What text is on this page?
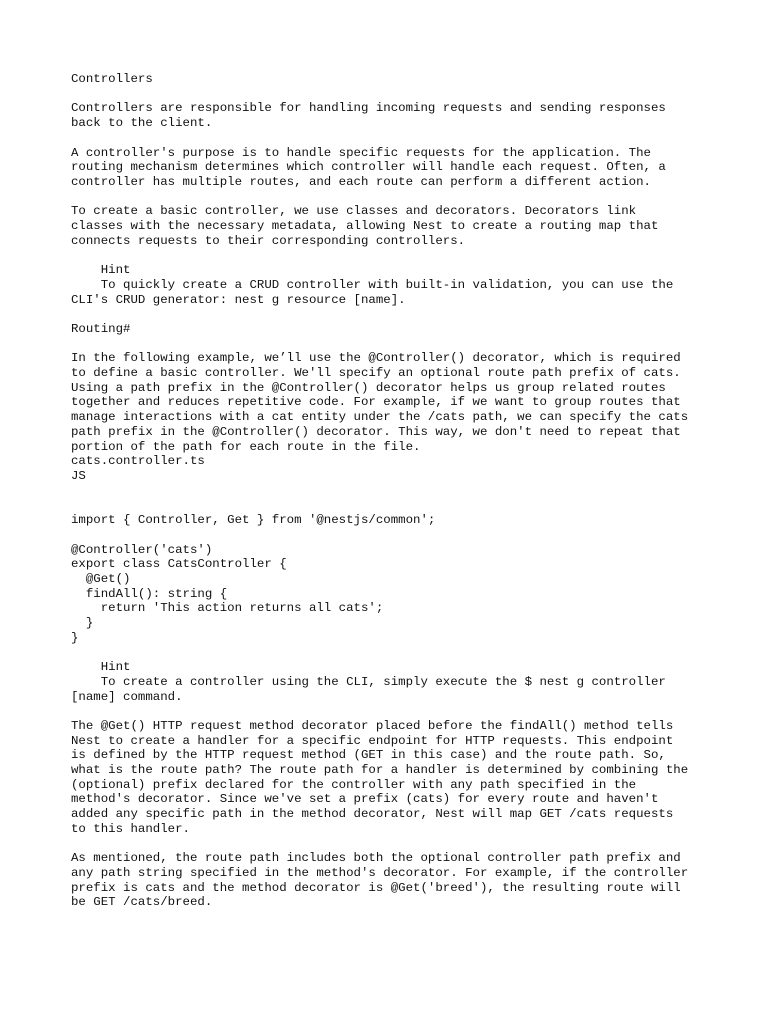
Controllers

Controllers are responsible for handling incoming requests and sending responses
back to the client.

A controller's purpose is to handle specific requests for the application. The
routing mechanism determines which controller will handle each request. Often, a
controller has multiple routes, and each route can perform a different action.

To create a basic controller, we use classes and decorators. Decorators link
classes with the necessary metadata, allowing Nest to create a routing map that
connects requests to their corresponding controllers.

Hint
To quickly create a CRUD controller with built-in validation, you can use the
CLI's CRUD generator: nest g resource [name].

Routing#

In the following example, we’ll use the @Controller() decorator, which is required
to define a basic controller. We'll specify an optional route path prefix of cats.
Using a path prefix in the @Controller() decorator helps us group related routes
together and reduces repetitive code. For example, if we want to group routes that
manage interactions with a cat entity under the /cats path, we can specify the cats
path prefix in the @Controller() decorator. This way, we don't need to repeat that
portion of the path for each route in the file.
cats.controller.ts
JS

import { Controller, Get } from '@nestjs/common';

@Controller('cats')
export class CatsController {
@Get()
findAll(): string {
return 'This action returns all cats';
}
}

Hint
To create a controller using the CLI, simply execute the $ nest g controller
[name] command.

The @Get() HTTP request method decorator placed before the findAll() method tells
Nest to create a handler for a specific endpoint for HTTP requests. This endpoint
is defined by the HTTP request method (GET in this case) and the route path. So,
what is the route path? The route path for a handler is determined by combining the
(optional) prefix declared for the controller with any path specified in the
method's decorator. Since we've set a prefix (cats) for every route and haven't
added any specific path in the method decorator, Nest will map GET /cats requests
to this handler.

As mentioned, the route path includes both the optional controller path prefix and
any path string specified in the method's decorator. For example, if the controller
prefix is cats and the method decorator is @Get('breed'), the resulting route will
be GET /cats/breed.
